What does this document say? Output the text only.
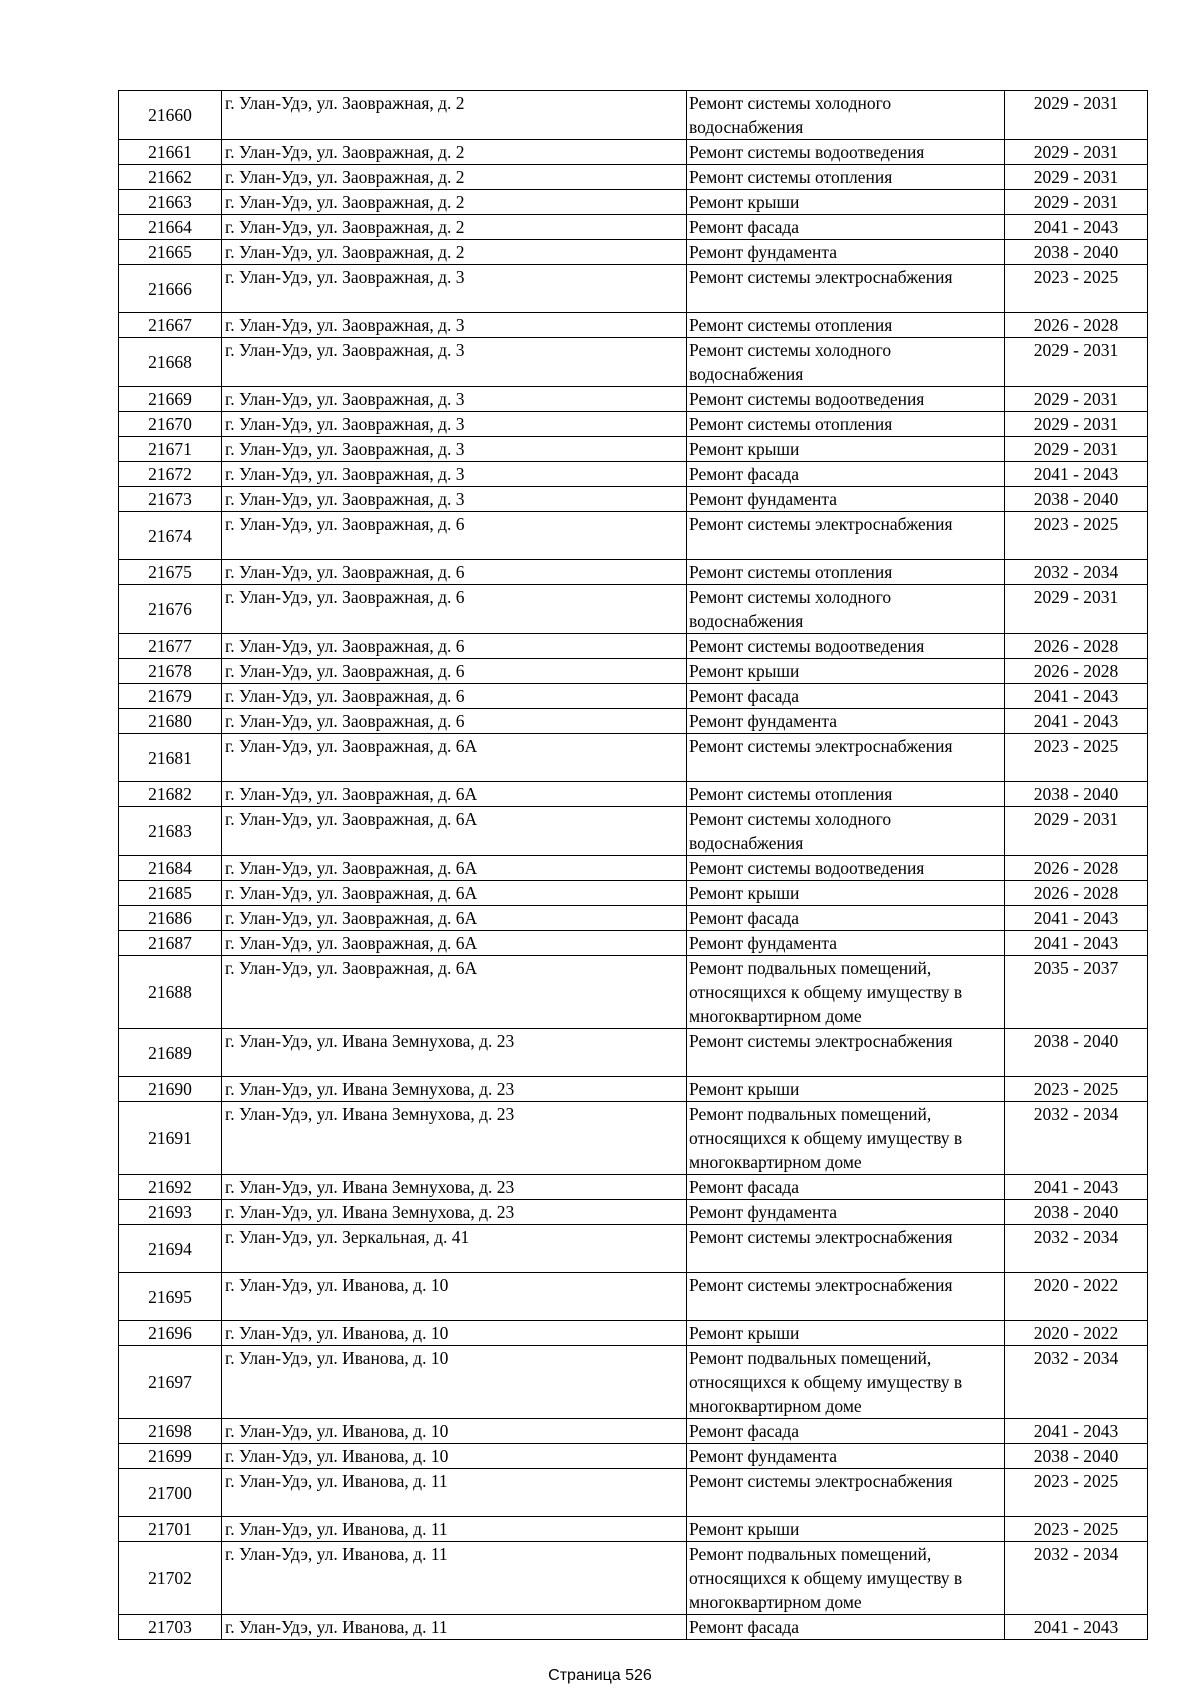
21660	г. Улан-Удэ, ул. Заовражная, д. 2	Ремонт системы холодного водоснабжения	2029 - 2031
21661	г. Улан-Удэ, ул. Заовражная, д. 2	Ремонт системы водоотведения	2029 - 2031
21662	г. Улан-Удэ, ул. Заовражная, д. 2	Ремонт системы отопления	2029 - 2031
21663	г. Улан-Удэ, ул. Заовражная, д. 2	Ремонт крыши	2029 - 2031
21664	г. Улан-Удэ, ул. Заовражная, д. 2	Ремонт фасада	2041 - 2043
21665	г. Улан-Удэ, ул. Заовражная, д. 2	Ремонт фундамента	2038 - 2040
21666	г. Улан-Удэ, ул. Заовражная, д. 3	Ремонт системы электроснабжения	2023 - 2025
21667	г. Улан-Удэ, ул. Заовражная, д. 3	Ремонт системы отопления	2026 - 2028
21668	г. Улан-Удэ, ул. Заовражная, д. 3	Ремонт системы холодного водоснабжения	2029 - 2031
21669	г. Улан-Удэ, ул. Заовражная, д. 3	Ремонт системы водоотведения	2029 - 2031
21670	г. Улан-Удэ, ул. Заовражная, д. 3	Ремонт системы отопления	2029 - 2031
21671	г. Улан-Удэ, ул. Заовражная, д. 3	Ремонт крыши	2029 - 2031
21672	г. Улан-Удэ, ул. Заовражная, д. 3	Ремонт фасада	2041 - 2043
21673	г. Улан-Удэ, ул. Заовражная, д. 3	Ремонт фундамента	2038 - 2040
21674	г. Улан-Удэ, ул. Заовражная, д. 6	Ремонт системы электроснабжения	2023 - 2025
21675	г. Улан-Удэ, ул. Заовражная, д. 6	Ремонт системы отопления	2032 - 2034
21676	г. Улан-Удэ, ул. Заовражная, д. 6	Ремонт системы холодного водоснабжения	2029 - 2031
21677	г. Улан-Удэ, ул. Заовражная, д. 6	Ремонт системы водоотведения	2026 - 2028
21678	г. Улан-Удэ, ул. Заовражная, д. 6	Ремонт крыши	2026 - 2028
21679	г. Улан-Удэ, ул. Заовражная, д. 6	Ремонт фасада	2041 - 2043
21680	г. Улан-Удэ, ул. Заовражная, д. 6	Ремонт фундамента	2041 - 2043
21681	г. Улан-Удэ, ул. Заовражная, д. 6А	Ремонт системы электроснабжения	2023 - 2025
21682	г. Улан-Удэ, ул. Заовражная, д. 6А	Ремонт системы отопления	2038 - 2040
21683	г. Улан-Удэ, ул. Заовражная, д. 6А	Ремонт системы холодного водоснабжения	2029 - 2031
21684	г. Улан-Удэ, ул. Заовражная, д. 6А	Ремонт системы водоотведения	2026 - 2028
21685	г. Улан-Удэ, ул. Заовражная, д. 6А	Ремонт крыши	2026 - 2028
21686	г. Улан-Удэ, ул. Заовражная, д. 6А	Ремонт фасада	2041 - 2043
21687	г. Улан-Удэ, ул. Заовражная, д. 6А	Ремонт фундамента	2041 - 2043
21688	г. Улан-Удэ, ул. Заовражная, д. 6А	Ремонт подвальных помещений, относящихся к общему имуществу в многоквартирном доме	2035 - 2037
21689	г. Улан-Удэ, ул. Ивана Земнухова, д. 23	Ремонт системы электроснабжения	2038 - 2040
21690	г. Улан-Удэ, ул. Ивана Земнухова, д. 23	Ремонт крыши	2023 - 2025
21691	г. Улан-Удэ, ул. Ивана Земнухова, д. 23	Ремонт подвальных помещений, относящихся к общему имуществу в многоквартирном доме	2032 - 2034
21692	г. Улан-Удэ, ул. Ивана Земнухова, д. 23	Ремонт фасада	2041 - 2043
21693	г. Улан-Удэ, ул. Ивана Земнухова, д. 23	Ремонт фундамента	2038 - 2040
21694	г. Улан-Удэ, ул. Зеркальная, д. 41	Ремонт системы электроснабжения	2032 - 2034
21695	г. Улан-Удэ, ул. Иванова, д. 10	Ремонт системы электроснабжения	2020 - 2022
21696	г. Улан-Удэ, ул. Иванова, д. 10	Ремонт крыши	2020 - 2022
21697	г. Улан-Удэ, ул. Иванова, д. 10	Ремонт подвальных помещений, относящихся к общему имуществу в многоквартирном доме	2032 - 2034
21698	г. Улан-Удэ, ул. Иванова, д. 10	Ремонт фасада	2041 - 2043
21699	г. Улан-Удэ, ул. Иванова, д. 10	Ремонт фундамента	2038 - 2040
21700	г. Улан-Удэ, ул. Иванова, д. 11	Ремонт системы электроснабжения	2023 - 2025
21701	г. Улан-Удэ, ул. Иванова, д. 11	Ремонт крыши	2023 - 2025
21702	г. Улан-Удэ, ул. Иванова, д. 11	Ремонт подвальных помещений, относящихся к общему имуществу в многоквартирном доме	2032 - 2034
21703	г. Улан-Удэ, ул. Иванова, д. 11	Ремонт фасада	2041 - 2043
Страница 526
